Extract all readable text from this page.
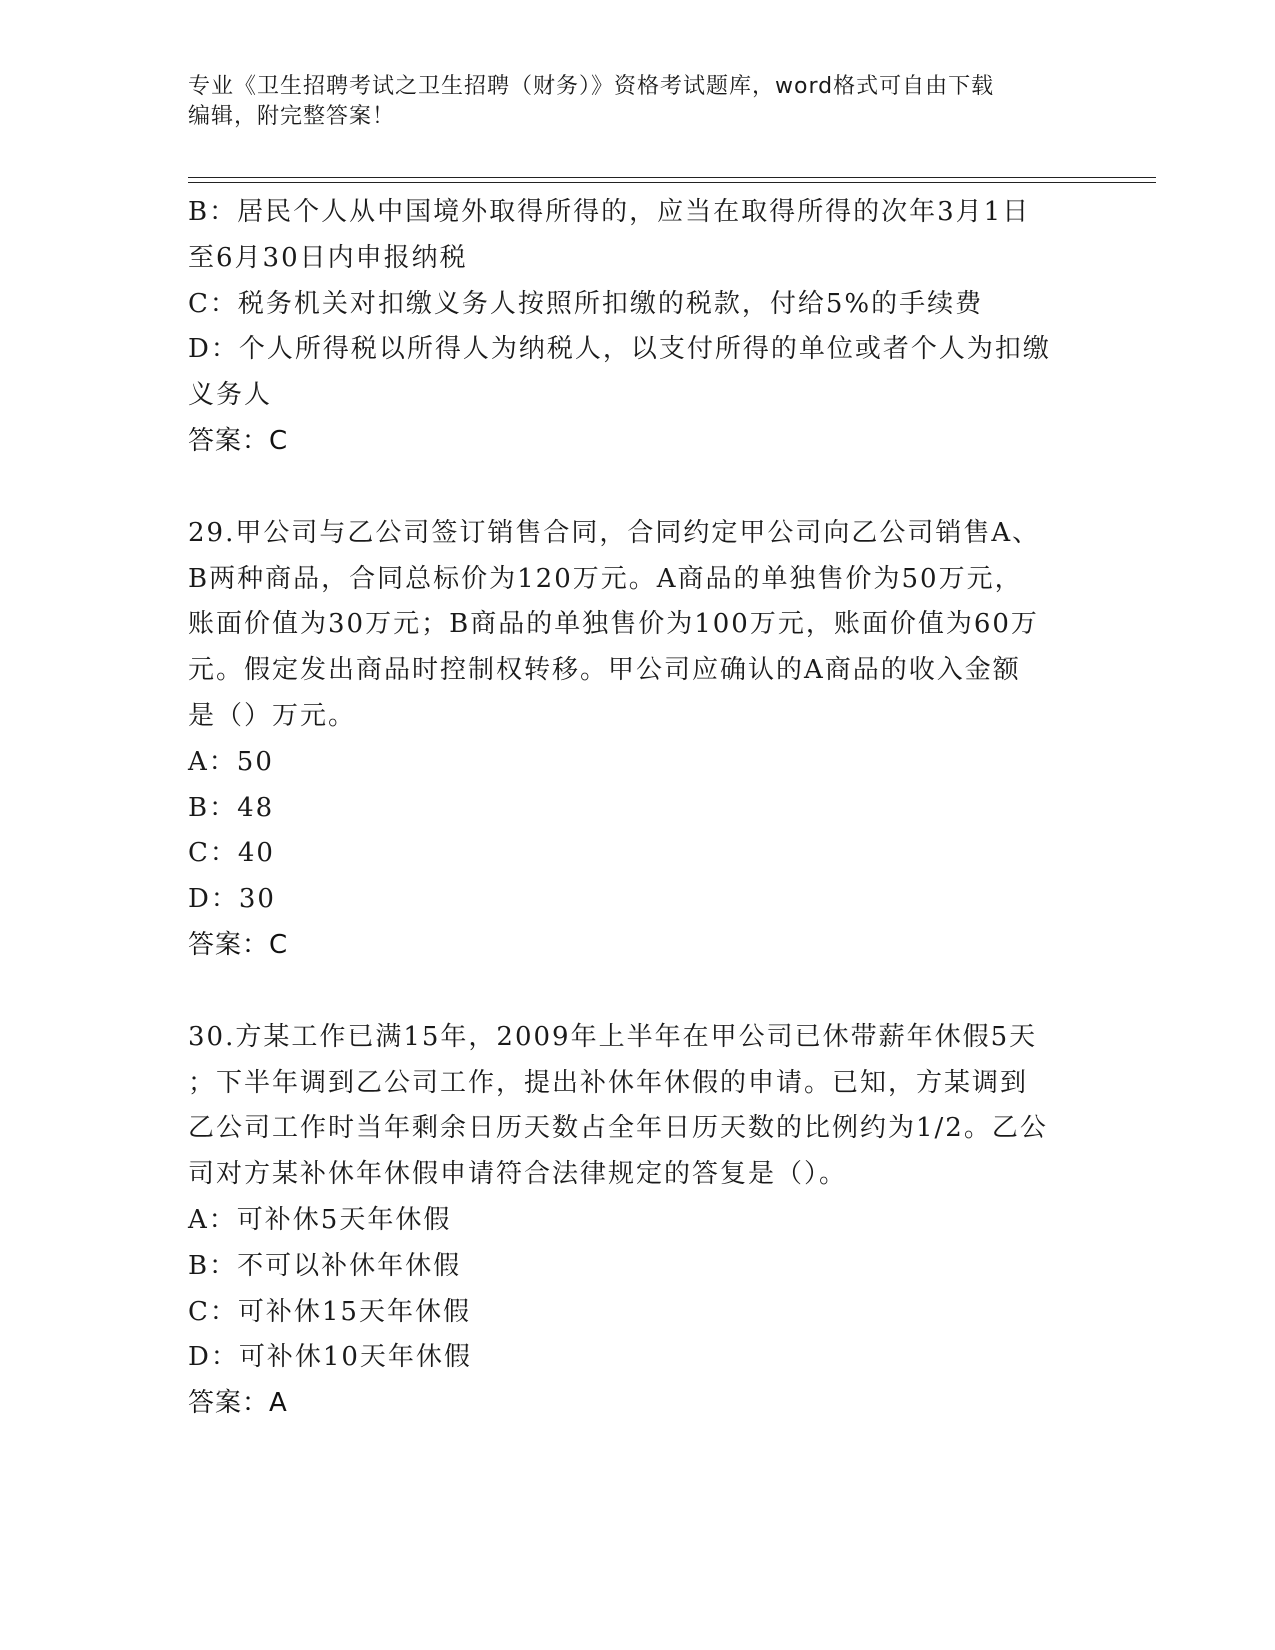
专业《卫生招聘考试之卫生招聘（财务）》资格考试题库，word格式可自由下载
编辑，附完整答案！
B：居民个人从中国境外取得所得的，应当在取得所得的次年3月1日
至6月30日内申报纳税
C：税务机关对扣缴义务人按照所扣缴的税款，付给5%的手续费
D：个人所得税以所得人为纳税人，以支付所得的单位或者个人为扣缴
义务人
答案：C
29.甲公司与乙公司签订销售合同，合同约定甲公司向乙公司销售A、
B两种商品，合同总标价为120万元。A商品的单独售价为50万元，
账面价值为30万元；B商品的单独售价为100万元，账面价值为60万
元。假定发出商品时控制权转移。甲公司应确认的A商品的收入金额
是（）万元。
A：50
B：48
C：40
D：30
答案：C
30.方某工作已满15年，2009年上半年在甲公司已休带薪年休假5天
；下半年调到乙公司工作，提出补休年休假的申请。已知，方某调到
乙公司工作时当年剩余日历天数占全年日历天数的比例约为1/2。乙公
司对方某补休年休假申请符合法律规定的答复是（）。
A：可补休5天年休假
B：不可以补休年休假
C：可补休15天年休假
D：可补休10天年休假
答案：A
